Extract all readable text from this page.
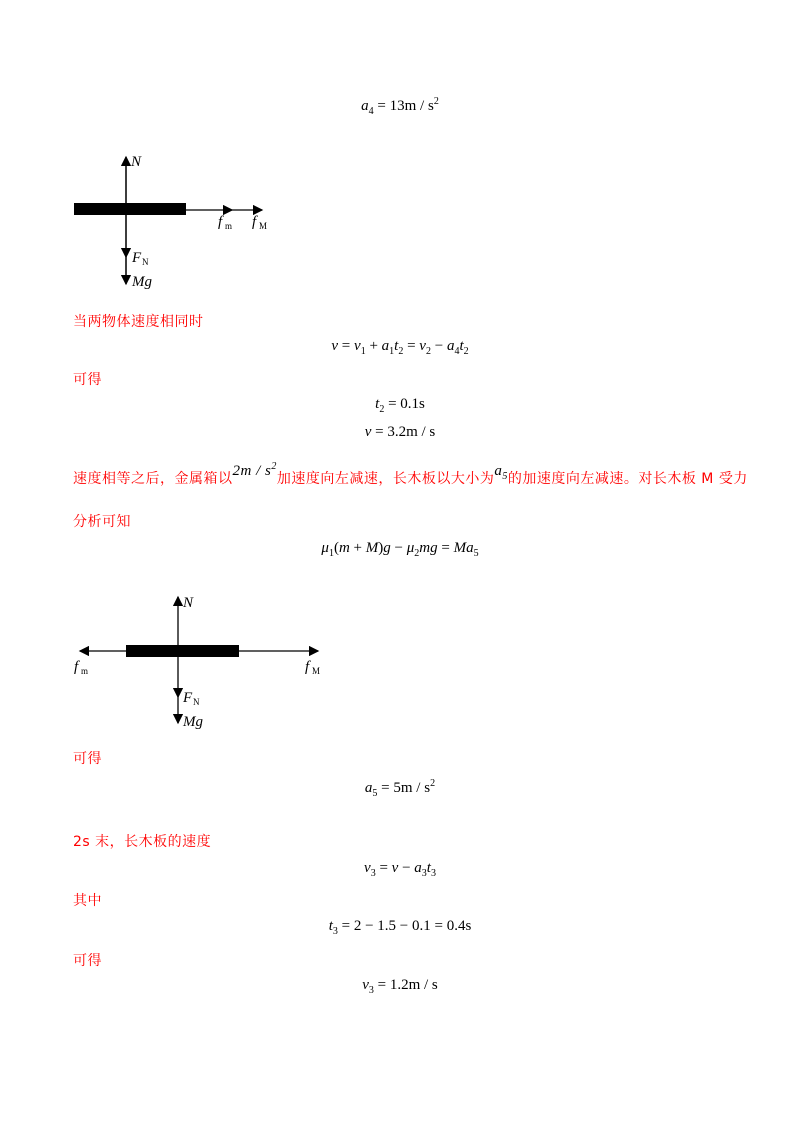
$a_4 = 13m / s^2$
N
f m f M
F N
Mg
当两物体速度相同时
$v = v_1 + a_1t_2 = v_2 - a_4t_2$
可得
$t_2 = 0.1s$
v = 3.2m / s
速度相等之后，金属箱以$2m / s^2$加速度向左减速，长木板以大小为$a_5$的加速度向左减速。对长木板 M 受力
分析可知
$\mu_1(m + M)g - \mu_2mg = Ma_5$
N
f m	f M
F N
Mg
可得
$a_5 = 5m / s^2$
2s 末，长木板的速度
$v_3 = v - a_3t_3$
其中
$t_3 = 2 - 1.5 - 0.1 = 0.4s$
可得
$v_3 = 1.2m / s$
